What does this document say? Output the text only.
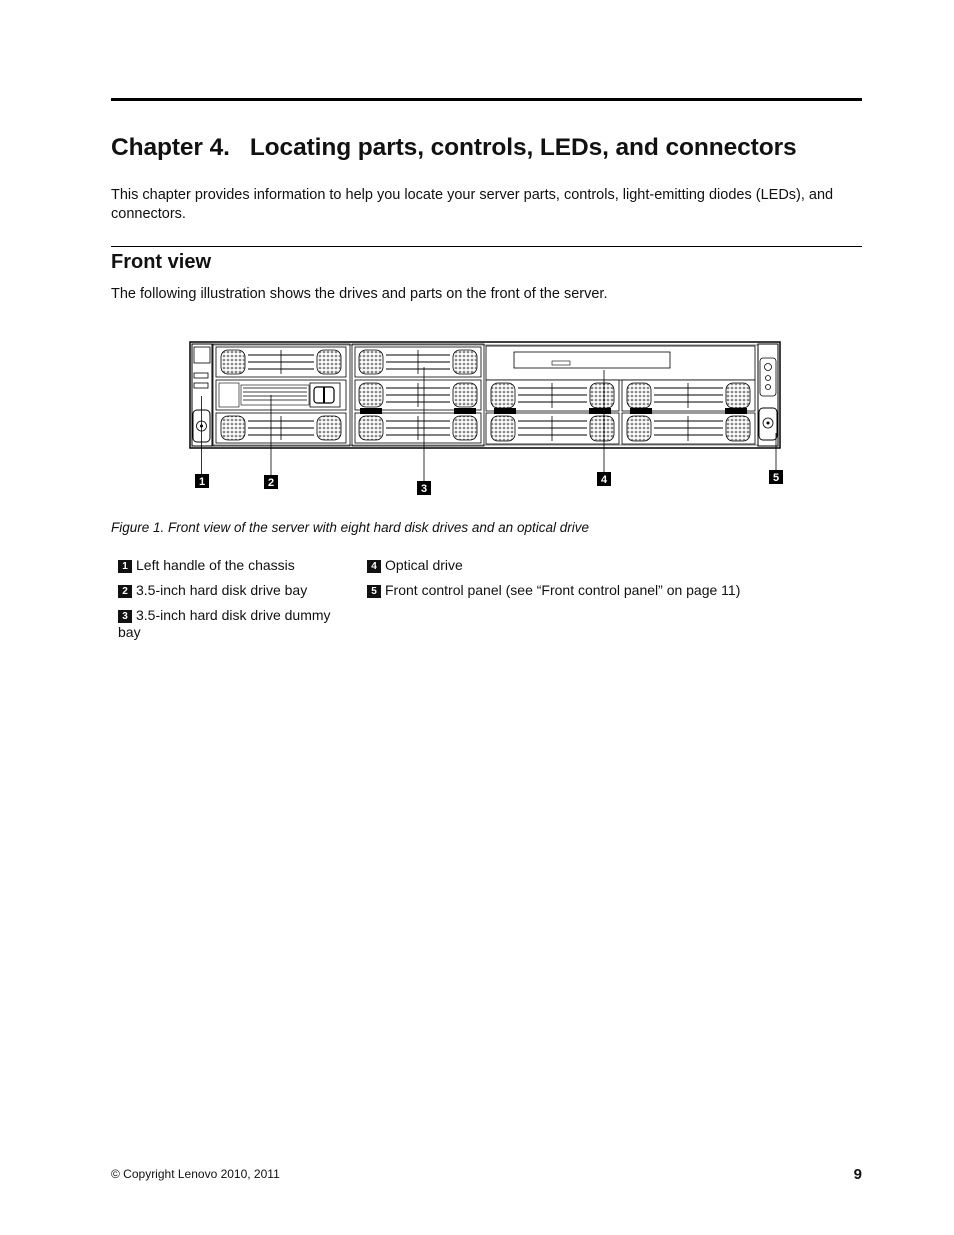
Chapter 4. Locating parts, controls, LEDs, and connectors

This chapter provides information to help you locate your server parts, controls, light-emitting diodes (LEDs), and connectors.

Front view

The following illustration shows the drives and parts on the front of the server.

1	2	3
4	5

Figure 1. Front view of the server with eight hard disk drives and an optical drive

1 Left handle of the chassis

2 3.5-inch hard disk drive bay

3 3.5-inch hard disk drive dummy bay

4 Optical drive

5 Front control panel (see “Front control panel” on page 11)

© Copyright Lenovo 2010, 2011	9
